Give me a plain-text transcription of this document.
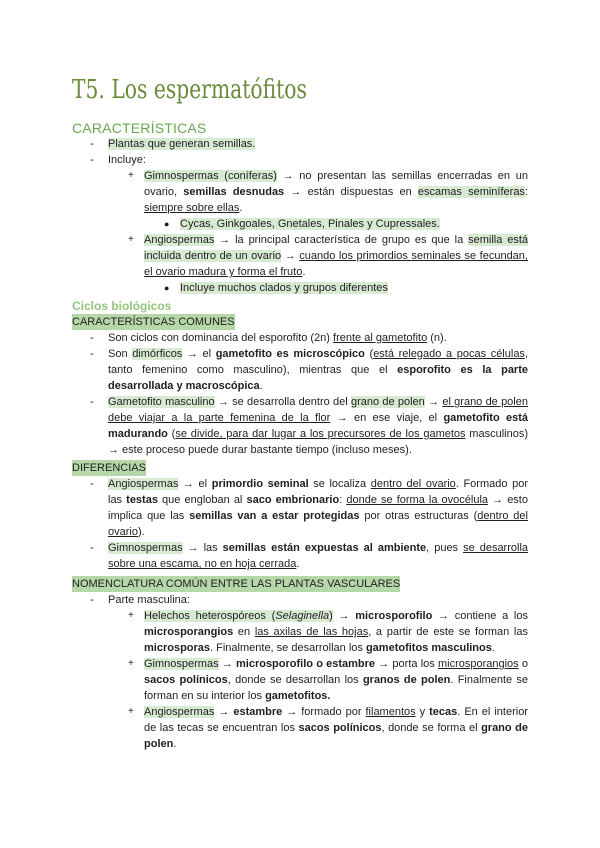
T5. Los espermatófitos
CARACTERÍSTICAS
- Plantas que generan semillas.
- Incluye:
+ Gimnospermas (coníferas) → no presentan las semillas encerradas en un ovario, semillas desnudas → están dispuestas en escamas seminíferas: siempre sobre ellas.
● Cycas, Ginkgoales, Gnetales, Pinales y Cupressales.
+ Angiospermas → la principal característica de grupo es que la semilla está incluida dentro de un ovario → cuando los primordios seminales se fecundan, el ovario madura y forma el fruto.
● Incluye muchos clados y grupos diferentes
Ciclos biológicos
CARACTERÍSTICAS COMUNES
- Son ciclos con dominancia del esporofito (2n) frente al gametofito (n).
- Son dimórficos → el gametofito es microscópico (está relegado a pocas células, tanto femenino como masculino), mientras que el esporofito es la parte desarrollada y macroscópica.
- Gametofito masculino → se desarrolla dentro del grano de polen → el grano de polen debe viajar a la parte femenina de la flor → en ese viaje, el gametofito está madurando (se divide, para dar lugar a los precursores de los gametos masculinos) → este proceso puede durar bastante tiempo (incluso meses).
DIFERENCIAS
- Angiospermas → el primordio seminal se localiza dentro del ovario. Formado por las testas que engloban al saco embrionario: donde se forma la ovocélula → esto implica que las semillas van a estar protegidas por otras estructuras (dentro del ovario).
- Gimnospermas → las semillas están expuestas al ambiente, pues se desarrolla sobre una escama, no en hoja cerrada.
NOMENCLATURA COMÚN ENTRE LAS PLANTAS VASCULARES
- Parte masculina:
+ Helechos heterospóreos (Selaginella) → microsporofilo → contiene a los microsporangios en las axilas de las hojas, a partir de este se forman las microsporas. Finalmente, se desarrollan los gametofitos masculinos.
+ Gimnospermas → microsporofilo o estambre → porta los microsporangios o sacos polínicos, donde se desarrollan los granos de polen. Finalmente se forman en su interior los gametofitos.
+ Angiospermas → estambre → formado por filamentos y tecas. En el interior de las tecas se encuentran los sacos polínicos, donde se forma el grano de polen.
